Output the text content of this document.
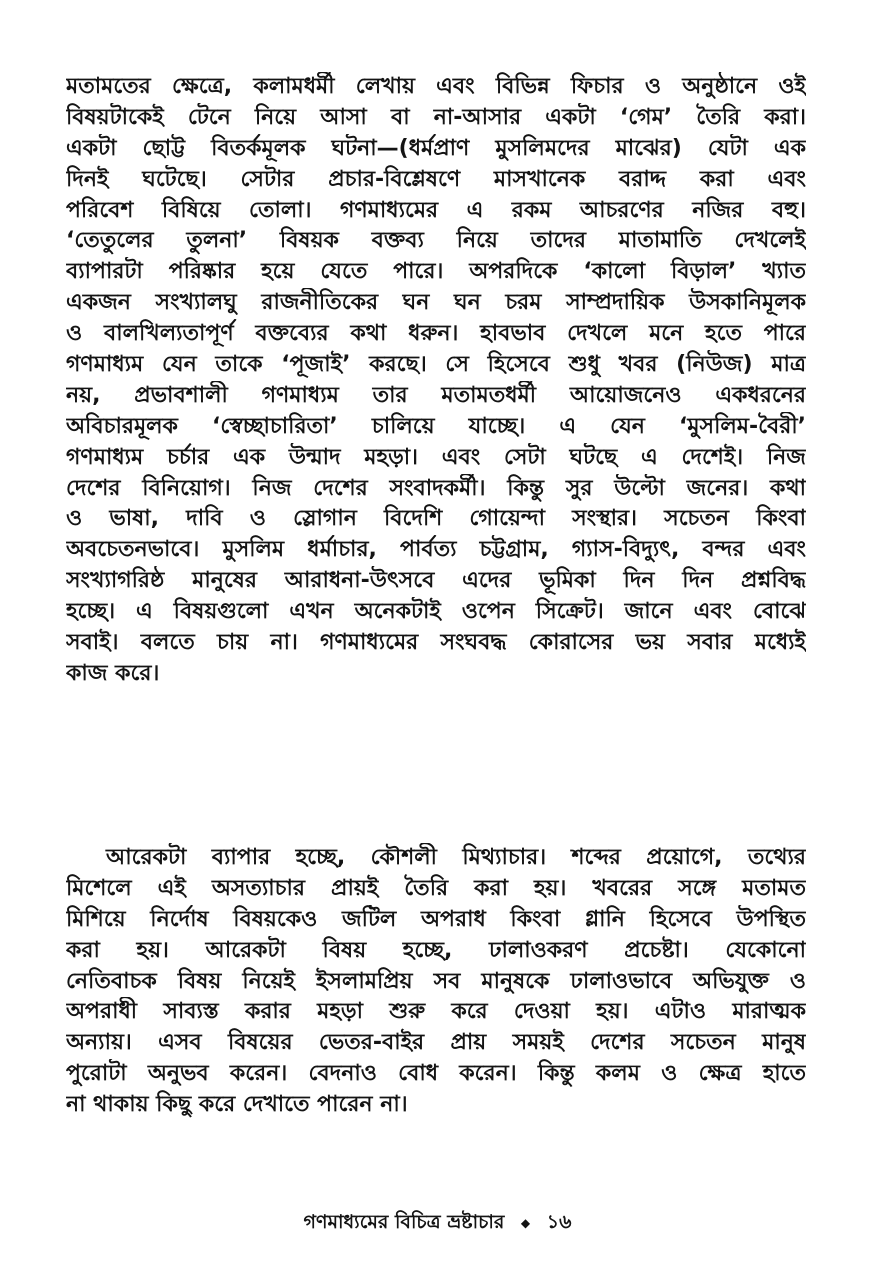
মতামতের ক্ষেত্রে, কলামধর্মী লেখায় এবং বিভিন্ন ফিচার ও অনুষ্ঠানে ওই
বিষয়টাকেই টেনে নিয়ে আসা বা না-আসার একটা ‘গেম’ তৈরি করা।
একটা ছোট্ট বিতর্কমূলক ঘটনা—(ধর্মপ্রাণ মুসলিমদের মাঝের) যেটা এক
দিনই ঘটেছে। সেটার প্রচার-বিশ্লেষণে মাসখানেক বরাদ্দ করা এবং
পরিবেশ বিষিয়ে তোলা। গণমাধ্যমের এ রকম আচরণের নজির বহু।
‘তেতুলের তুলনা’ বিষয়ক বক্তব্য নিয়ে তাদের মাতামাতি দেখলেই
ব্যাপারটা পরিষ্কার হয়ে যেতে পারে। অপরদিকে ‘কালো বিড়াল’ খ্যাত
একজন সংখ্যালঘু রাজনীতিকের ঘন ঘন চরম সাম্প্রদায়িক উসকানিমূলক
ও বালখিল্যতাপূর্ণ বক্তব্যের কথা ধরুন। হাবভাব দেখলে মনে হতে পারে
গণমাধ্যম যেন তাকে ‘পূজাই’ করছে। সে হিসেবে শুধু খবর (নিউজ) মাত্র
নয়, প্রভাবশালী গণমাধ্যম তার মতামতধর্মী আয়োজনেও একধরনের
অবিচারমূলক ‘স্বেচ্ছাচারিতা’ চালিয়ে যাচ্ছে। এ যেন ‘মুসলিম-বৈরী’
গণমাধ্যম চর্চার এক উন্মাদ মহড়া। এবং সেটা ঘটছে এ দেশেই। নিজ
দেশের বিনিয়োগ। নিজ দেশের সংবাদকর্মী। কিন্তু সুর উল্টো জনের। কথা
ও ভাষা, দাবি ও স্লোগান বিদেশি গোয়েন্দা সংস্থার। সচেতন কিংবা
অবচেতনভাবে। মুসলিম ধর্মাচার, পার্বত্য চট্টগ্রাম, গ্যাস-বিদ্যুৎ, বন্দর এবং
সংখ্যাগরিষ্ঠ মানুষের আরাধনা-উৎসবে এদের ভূমিকা দিন দিন প্রশ্নবিদ্ধ
হচ্ছে। এ বিষয়গুলো এখন অনেকটাই ওপেন সিক্রেট। জানে এবং বোঝে
সবাই। বলতে চায় না। গণমাধ্যমের সংঘবদ্ধ কোরাসের ভয় সবার মধ্যেই
কাজ করে।
আরেকটা ব্যাপার হচ্ছে, কৌশলী মিথ্যাচার। শব্দের প্রয়োগে, তথ্যের
মিশেলে এই অসত্যাচার প্রায়ই তৈরি করা হয়। খবরের সঙ্গে মতামত
মিশিয়ে নির্দোষ বিষয়কেও জটিল অপরাধ কিংবা গ্লানি হিসেবে উপস্থিত
করা হয়। আরেকটা বিষয় হচ্ছে, ঢালাওকরণ প্রচেষ্টা। যেকোনো
নেতিবাচক বিষয় নিয়েই ইসলামপ্রিয় সব মানুষকে ঢালাওভাবে অভিযুক্ত ও
অপরাধী সাব্যস্ত করার মহড়া শুরু করে দেওয়া হয়। এটাও মারাত্মক
অন্যায়। এসব বিষয়ের ভেতর-বাইর প্রায় সময়ই দেশের সচেতন মানুষ
পুরোটা অনুভব করেন। বেদনাও বোধ করেন। কিন্তু কলম ও ক্ষেত্র হাতে
না থাকায় কিছু করে দেখাতে পারেন না।
গণমাধ্যমের বিচিত্র ভ্রষ্টাচার ◆ ১৬
